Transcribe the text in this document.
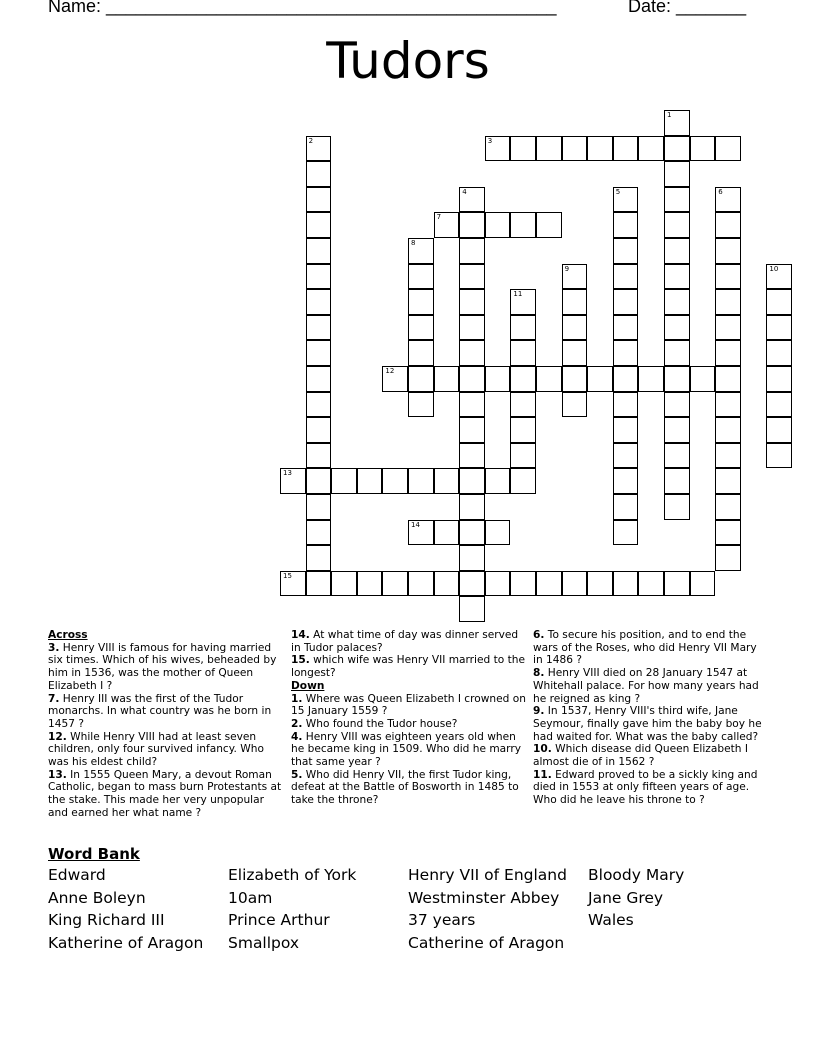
Name: _____________________________________________	Date: _______
Tudors
3
7
12
13
14
15
1
2
4	5	6
8
9	10
11
Across
3. Henry VIII is famous for having married six times. Which of his wives, beheaded by him in 1536, was the mother of Queen Elizabeth I ?
7. Henry III was the first of the Tudor monarchs. In what country was he born in 1457 ?
12. While Henry VIII had at least seven children, only four survived infancy. Who was his eldest child?
13. In 1555 Queen Mary, a devout Roman Catholic, began to mass burn Protestants at the stake. This made her very unpopular and earned her what name ?
14. At what time of day was dinner served in Tudor palaces?
15. which wife was Henry VII married to the longest?
Down
1. Where was Queen Elizabeth I crowned on 15 January 1559 ?
2. Who found the Tudor house?
4. Henry VIII was eighteen years old when he became king in 1509. Who did he marry that same year ?
5. Who did Henry VII, the first Tudor king, defeat at the Battle of Bosworth in 1485 to take the throne?
6. To secure his position, and to end the wars of the Roses, who did Henry VII Mary in 1486 ?
8. Henry VIII died on 28 January 1547 at Whitehall palace. For how many years had he reigned as king ?
9. In 1537, Henry VIII's third wife, Jane Seymour, finally gave him the baby boy he had waited for. What was the baby called?
10. Which disease did Queen Elizabeth I almost die of in 1562 ?
11. Edward proved to be a sickly king and died in 1553 at only fifteen years of age. Who did he leave his throne to ?
Word Bank
Edward	Elizabeth of York	Henry VII of England	Bloody Mary
Anne Boleyn	10am	Westminster Abbey	Jane Grey
King Richard III	Prince Arthur	37 years	Wales
Katherine of Aragon	Smallpox	Catherine of Aragon
